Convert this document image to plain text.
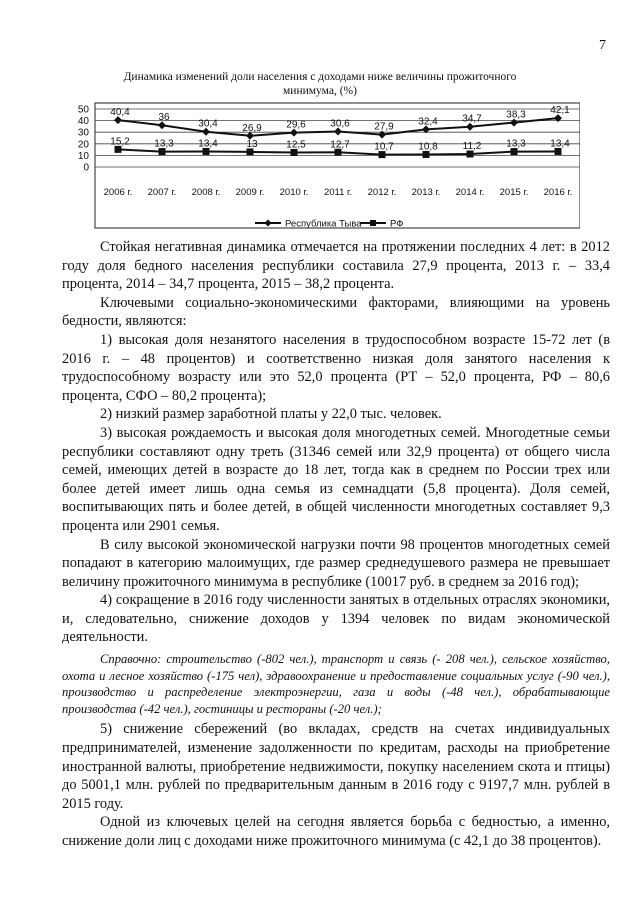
7
Динамика изменений доли населения с доходами ниже величины прожиточного минимума, (%)
0
10
20
30
40
50
2006 г. 2007 г. 2008 г. 2009 г. 2010 г. 2011 г. 2012 г. 2013 г. 2014 г. 2015 г. 2016 г.
40,4	36
30,4 26,9 29,6 30,6 27,9 32,4 34,7 38,3 42,1
15,2 13,3 13,4	13	12,5 12,7 10,7 10,8 11,2 13,3 13,4
Республика Тыва	РФ

Стойкая негативная динамика отмечается на протяжении последних 4 лет: в 2012 году доля бедного населения республики составила 27,9 процента, 2013 г. – 33,4 процента, 2014 – 34,7 процента, 2015 – 38,2 процента.

Ключевыми социально-экономическими факторами, влияющими на уровень бедности, являются:

1) высокая доля незанятого населения в трудоспособном возрасте 15-72 лет (в 2016 г. – 48 процентов) и соответственно низкая доля занятого населения к трудоспособному возрасту или это 52,0 процента (РТ – 52,0 процента, РФ – 80,6 процента, СФО – 80,2 процента);

2) низкий размер заработной платы у 22,0 тыс. человек.

3) высокая рождаемость и высокая доля многодетных семей. Многодетные семьи республики составляют одну треть (31346 семей или 32,9 процента) от общего числа семей, имеющих детей в возрасте до 18 лет, тогда как в среднем по России трех или более детей имеет лишь одна семья из семнадцати (5,8 процента). Доля семей, воспитывающих пять и более детей, в общей численности многодетных составляет 9,3 процента или 2901 семья.

В силу высокой экономической нагрузки почти 98 процентов многодетных семей попадают в категорию малоимущих, где размер среднедушевого размера не превышает величину прожиточного минимума в республике (10017 руб. в среднем за 2016 год);

4) сокращение в 2016 году численности занятых в отдельных отраслях экономики, и, следовательно, снижение доходов у 1394 человек по видам экономической деятельности.

Справочно: строительство (-802 чел.), транспорт и связь (- 208 чел.), сельское хозяйство, охота и лесное хозяйство (-175 чел), здравоохранение и предоставление социальных услуг (-90 чел.), производство и распределение электроэнергии, газа и воды (-48 чел.), обрабатывающие производства (-42 чел.), гостиницы и рестораны (-20 чел.);

5) снижение сбережений (во вкладах, средств на счетах индивидуальных предпринимателей, изменение задолженности по кредитам, расходы на приобретение иностранной валюты, приобретение недвижимости, покупку населением скота и птицы) до 5001,1 млн. рублей по предварительным данным в 2016 году с 9197,7 млн. рублей в 2015 году.

Одной из ключевых целей на сегодня является борьба с бедностью, а именно, снижение доли лиц с доходами ниже прожиточного минимума (с 42,1 до 38 процентов).
